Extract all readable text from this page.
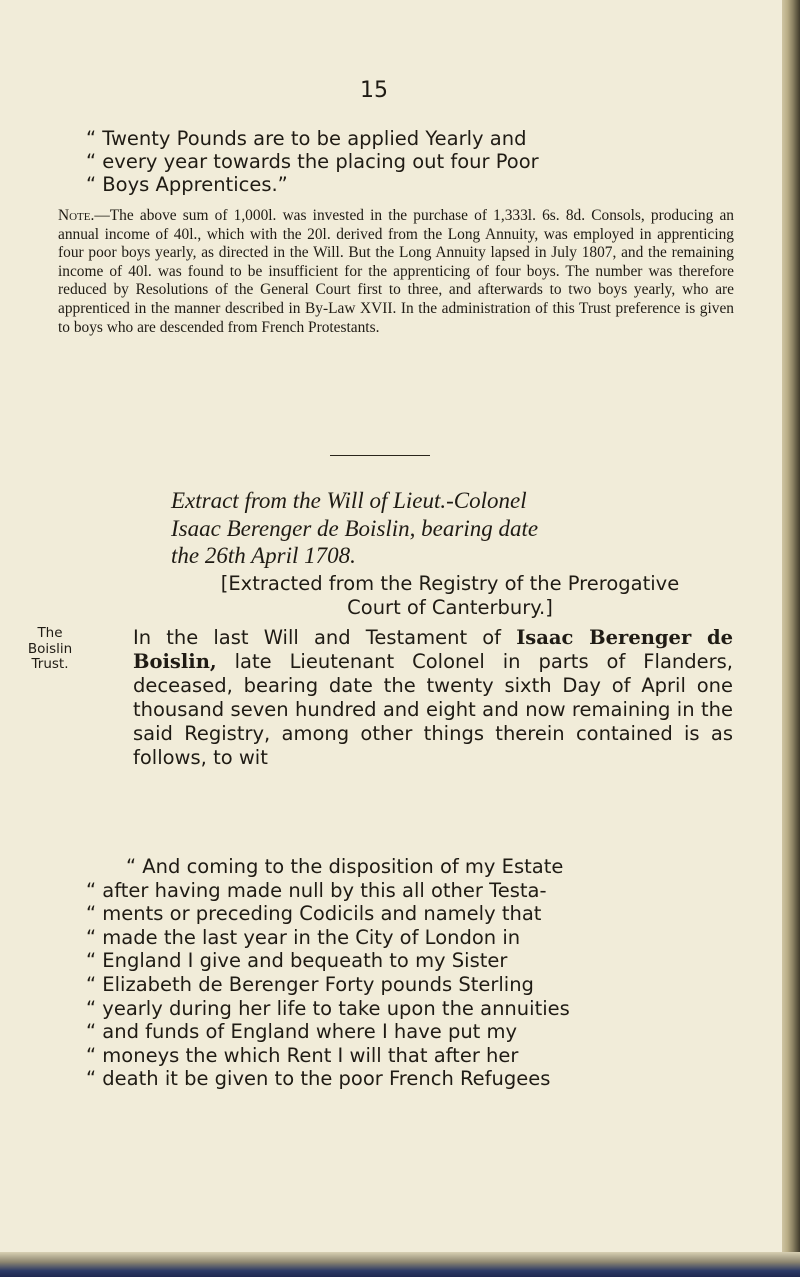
15
“ Twenty Pounds are to be applied Yearly and
“ every year towards the placing out four Poor
“ Boys Apprentices.”
Note.—The above sum of 1,000l. was invested in the purchase of 1,333l. 6s. 8d. Consols, producing an annual income of 40l., which with the 20l. derived from the Long Annuity, was employed in apprenticing four poor boys yearly, as directed in the Will. But the Long Annuity lapsed in July 1807, and the remaining income of 40l. was found to be insufficient for the apprenticing of four boys. The number was therefore reduced by Resolutions of the General Court first to three, and afterwards to two boys yearly, who are apprenticed in the manner described in By-Law XVII. In the administration of this Trust preference is given to boys who are descended from French Protestants.
Extract from the Will of Lieut.-Colonel
Isaac Berenger de Boislin, bearing date
the 26th April 1708.
[Extracted from the Registry of the Prerogative
Court of Canterbury.]
The
Boislin
Trust.
In the last Will and Testament of Isaac Berenger de Boislin, late Lieutenant Colonel in parts of Flanders, deceased, bearing date the twenty sixth Day of April one thousand seven hundred and eight and now remaining in the said Registry, among other things therein contained is as follows, to wit
“ And coming to the disposition of my Estate
“ after having made null by this all other Testa-
“ ments or preceding Codicils and namely that
“ made the last year in the City of London in
“ England I give and bequeath to my Sister
“ Elizabeth de Berenger Forty pounds Sterling
“ yearly during her life to take upon the annuities
“ and funds of England where I have put my
“ moneys the which Rent I will that after her
“ death it be given to the poor French Refugees
